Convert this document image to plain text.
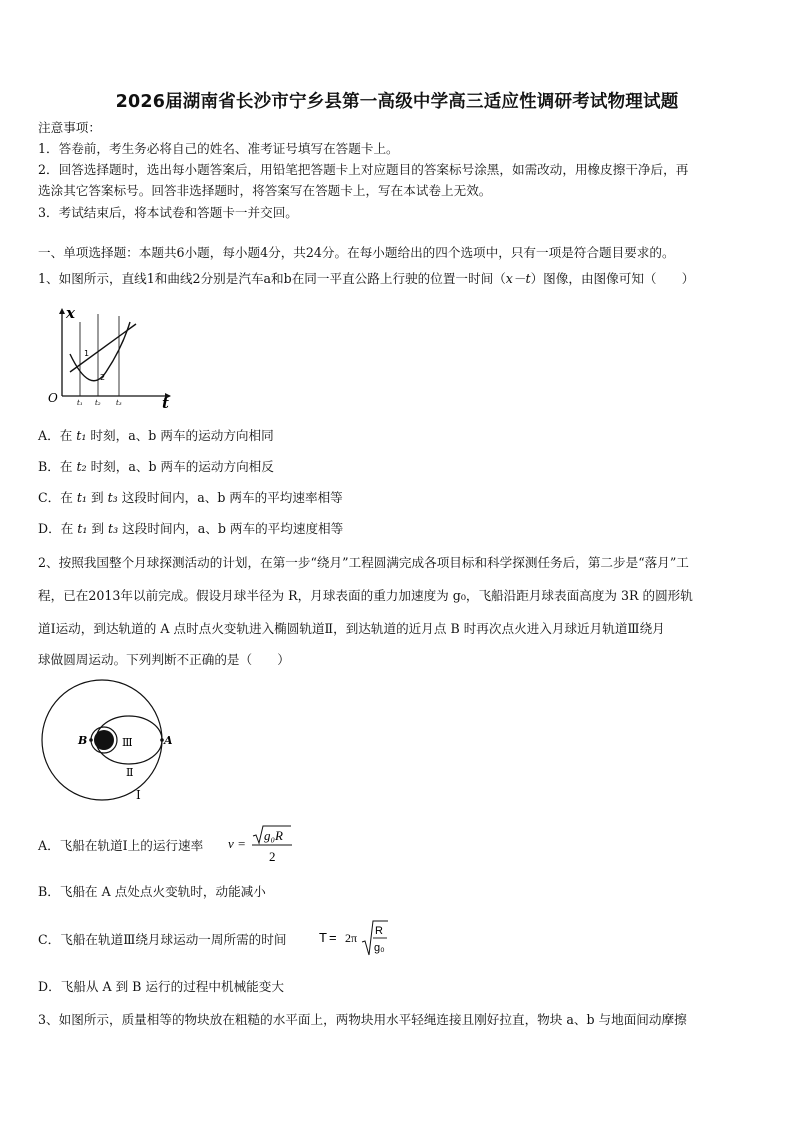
2026届湖南省长沙市宁乡县第一高级中学高三适应性调研考试物理试题
注意事项：
1．答卷前，考生务必将自己的姓名、准考证号填写在答题卡上。
2．回答选择题时，选出每小题答案后，用铅笔把答题卡上对应题目的答案标号涂黑，如需改动，用橡皮擦干净后，再
选涂其它答案标号。回答非选择题时，将答案写在答题卡上，写在本试卷上无效。
3．考试结束后，将本试卷和答题卡一并交回。
一、单项选择题：本题共6小题，每小题4分，共24分。在每小题给出的四个选项中，只有一项是符合题目要求的。
1、如图所示，直线1和曲线2分别是汽车a和b在同一平直公路上行驶的位置一时间（x－t）图像，由图像可知（　　）
x
t
O
1
2
t₁ t₂ t₃
A．在 t₁ 时刻，a、b 两车的运动方向相同
B．在 t₂ 时刻，a、b 两车的运动方向相反
C．在 t₁ 到 t₃ 这段时间内，a、b 两车的平均速率相等
D．在 t₁ 到 t₃ 这段时间内，a、b 两车的平均速度相等
2、按照我国整个月球探测活动的计划，在第一步“绕月”工程圆满完成各项目标和科学探测任务后，第二步是“落月”工
程，已在2013年以前完成。假设月球半径为 R，月球表面的重力加速度为 g₀，飞船沿距月球表面高度为 3R 的圆形轨
道Ⅰ运动，到达轨道的 A 点时点火变轨进入椭圆轨道Ⅱ，到达轨道的近月点 B 时再次点火进入月球近月轨道Ⅲ绕月
球做圆周运动。下列判断不正确的是（　　）
B	A
Ⅲ
Ⅱ
Ⅰ
A．飞船在轨道Ⅰ上的运行速率 v =
g₀R
2
B．飞船在 A 点处点火变轨时，动能减小
C．飞船在轨道Ⅲ绕月球运动一周所需的时间	T = 2π R
g₀
D．飞船从 A 到 B 运行的过程中机械能变大
3、如图所示，质量相等的物块放在粗糙的水平面上，两物块用水平轻绳连接且刚好拉直，物块 a、b 与地面间动摩擦
